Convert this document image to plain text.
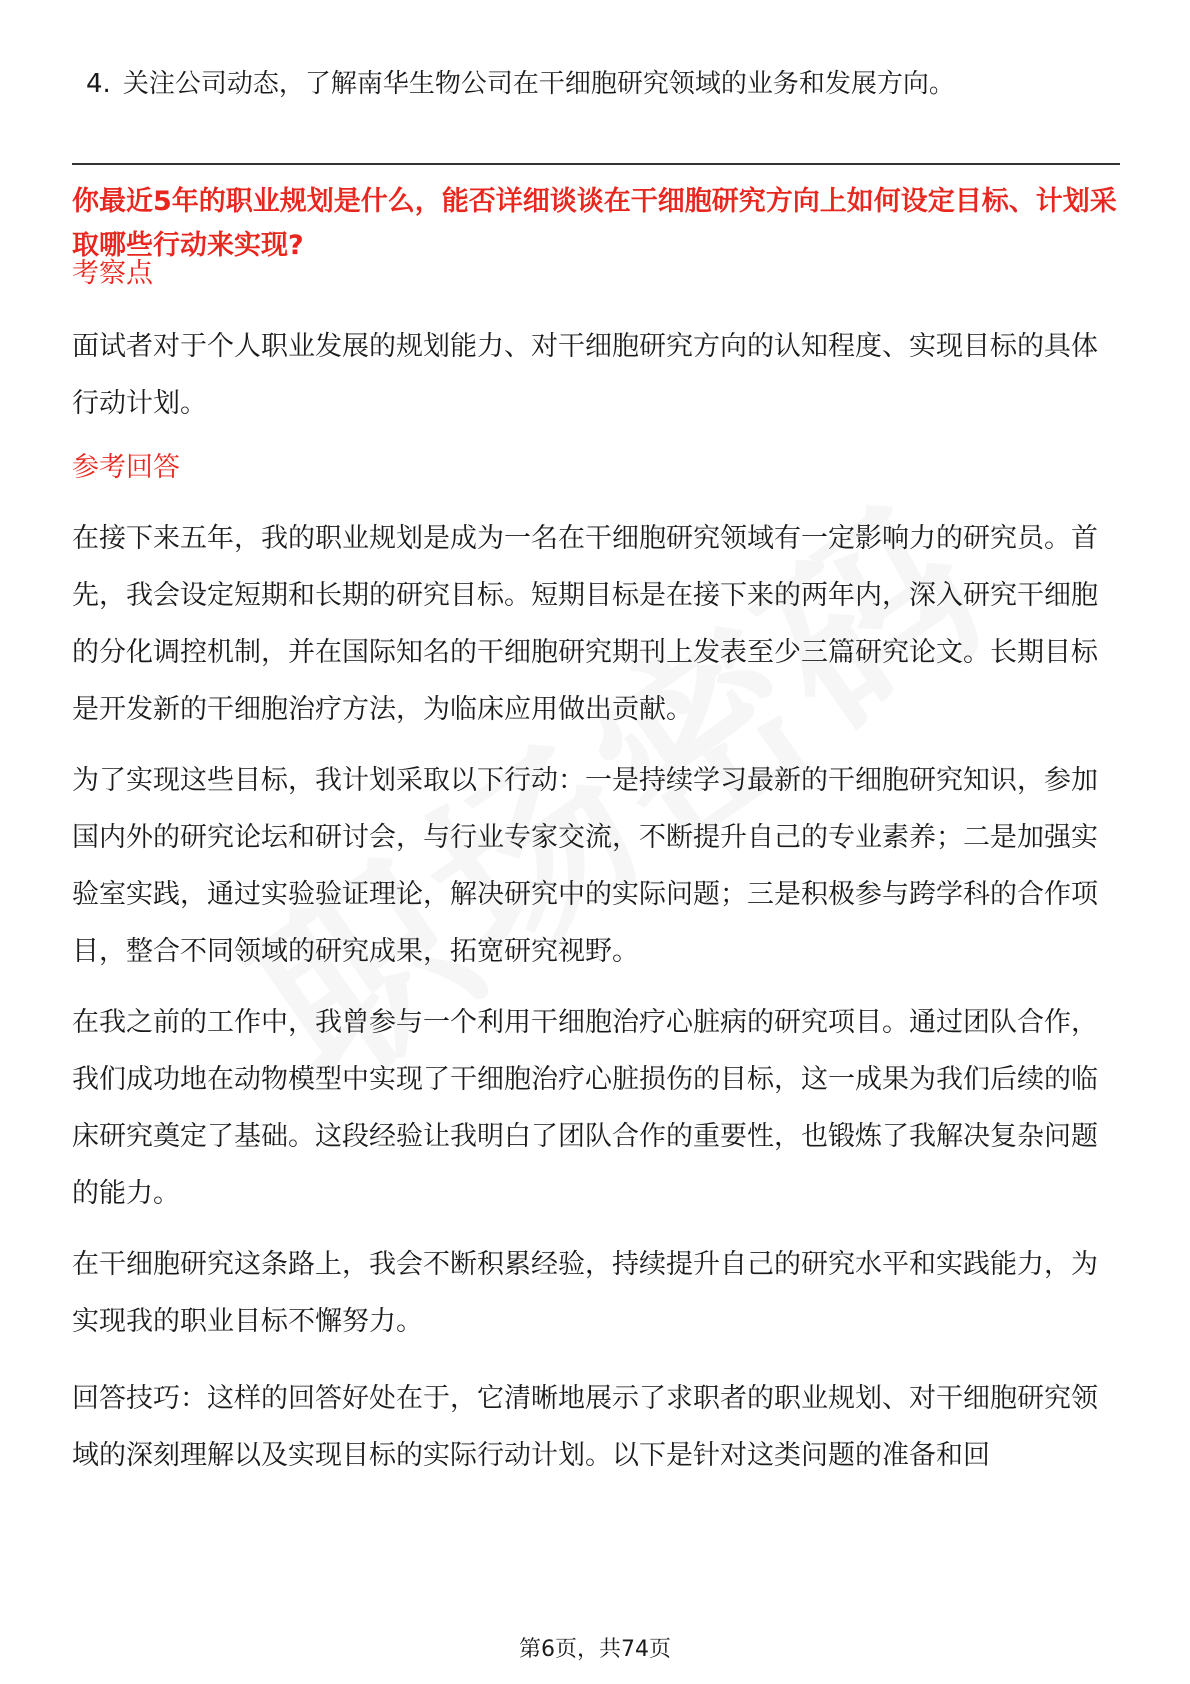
4. 关注公司动态，了解南华生物公司在干细胞研究领域的业务和发展方向。
你最近5年的职业规划是什么，能否详细谈谈在干细胞研究方向上如何设定目标、计划采取哪些行动来实现?
考察点
面试者对于个人职业发展的规划能力、对干细胞研究方向的认知程度、实现目标的具体行动计划。
参考回答
在接下来五年，我的职业规划是成为一名在干细胞研究领域有一定影响力的研究员。首先，我会设定短期和长期的研究目标。短期目标是在接下来的两年内，深入研究干细胞的分化调控机制，并在国际知名的干细胞研究期刊上发表至少三篇研究论文。长期目标是开发新的干细胞治疗方法，为临床应用做出贡献。
为了实现这些目标，我计划采取以下行动：一是持续学习最新的干细胞研究知识，参加国内外的研究论坛和研讨会，与行业专家交流，不断提升自己的专业素养；二是加强实验室实践，通过实验验证理论，解决研究中的实际问题；三是积极参与跨学科的合作项目，整合不同领域的研究成果，拓宽研究视野。
在我之前的工作中，我曾参与一个利用干细胞治疗心脏病的研究项目。通过团队合作，我们成功地在动物模型中实现了干细胞治疗心脏损伤的目标，这一成果为我们后续的临床研究奠定了基础。这段经验让我明白了团队合作的重要性，也锻炼了我解决复杂问题的能力。
在干细胞研究这条路上，我会不断积累经验，持续提升自己的研究水平和实践能力，为实现我的职业目标不懈努力。
回答技巧：这样的回答好处在于，它清晰地展示了求职者的职业规划、对干细胞研究领域的深刻理解以及实现目标的实际行动计划。以下是针对这类问题的准备和回
第6页，共74页
